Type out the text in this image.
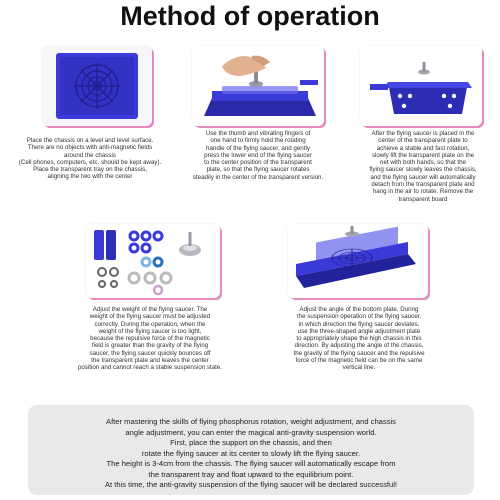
Method of operation
Place the chassis on a level and level surface.
There are no objects with anti-magnetic fields
around the chassis
(Cell phones, computers, etc. should be kept away).
Place the transparent tray on the chassis,
aligning the two with the center
Use the thumb and vibrating fingers of
one hand to firmly hold the rotating
handle of the flying saucer, and gently
press the lower end of the flying saucer
to the center position of the transparent
plate, so that the flying saucer rotates
steadily in the center of the transparent version.
After the flying saucer is placed in the
center of the transparent plate to
achieve a stable and fast rotation,
slowly lift the transparent plate on the
net with both hands, so that the
flying saucer slowly leaves the chassis,
and the flying saucer will automatically
detach from the transparent plate and
hang in the air to rotate. Remove the
transparent board
Adjust the weight of the flying saucer. The
weight of the flying saucer must be adjusted
correctly. During the operation, when the
weight of the flying saucer is too light,
because the repulsive force of the magnetic
field is greater than the gravity of the flying
saucer, the flying saucer quickly bounces off
the transparent plate and leaves the center
position and cannot reach a stable suspension state.
Adjust the angle of the bottom plate. During
the suspension operation of the flying saucer,
in which direction the flying saucer deviates,
use the three-shaped angle adjustment plate
to appropriately shape the high chassis in this
direction. By adjusting the angle of the chassis,
the gravity of the flying saucer and the repulsive
force of the magnetic field can be on the same
vertical line.
After mastering the skills of flying phosphorus rotation, weight adjustment, and chassis
angle adjustment, you can enter the magical anti-gravity suspension world.
First, place the support on the chassis, and then
rotate the flying saucer at its center to slowly lift the flying saucer.
The height is 3-4cm from the chassis. The flying saucer will automatically escape from
the transparent tray and float upward to the equilibrium point.
At this time, the anti-gravity suspension of the flying saucer will be declared successful!
